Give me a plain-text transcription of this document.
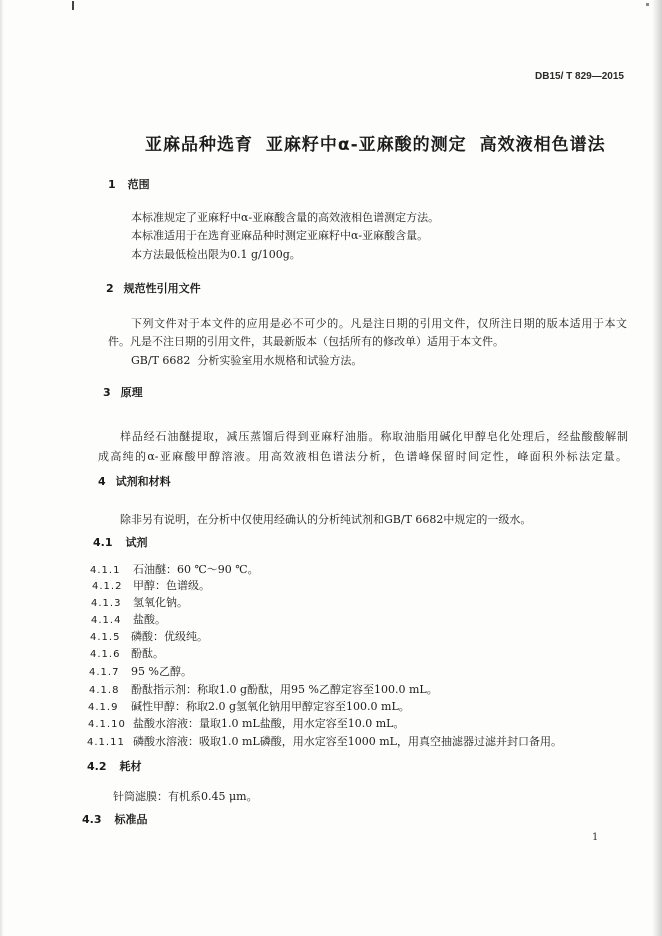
DB15/ T 829—2015
亚麻品种选育 亚麻籽中α-亚麻酸的测定 高效液相色谱法
1 范围
本标准规定了亚麻籽中α-亚麻酸含量的高效液相色谱测定方法。
本标准适用于在选育亚麻品种时测定亚麻籽中α-亚麻酸含量。
本方法最低检出限为0.1 g/100g。
2 规范性引用文件
下列文件对于本文件的应用是必不可少的。凡是注日期的引用文件，仅所注日期的版本适用于本文
件。凡是不注日期的引用文件，其最新版本（包括所有的修改单）适用于本文件。
GB/T 6682  分析实验室用水规格和试验方法。
3 原理
样品经石油醚提取，减压蒸馏后得到亚麻籽油脂。称取油脂用碱化甲醇皂化处理后，经盐酸酸解制
成高纯的α-亚麻酸甲醇溶液。用高效液相色谱法分析，色谱峰保留时间定性，峰面积外标法定量。
4 试剂和材料
除非另有说明，在分析中仅使用经确认的分析纯试剂和GB/T 6682中规定的一级水。
4.1 试剂
4.1.1	石油醚：60 ℃～90 ℃。
4.1.2 甲醇：色谱级。
4.1.3	氢氧化钠。
4.1.4	盐酸。
4.1.5 磷酸：优级纯。
4.1.6 酚酞。
4.1.7	95 %乙醇。
4.1.8	酚酞指示剂：称取1.0 g酚酞，用95 %乙醇定容至100.0 mL。
4.1.9	碱性甲醇：称取2.0 g氢氧化钠用甲醇定容至100.0 mL。
4.1.10 盐酸水溶液：量取1.0 mL盐酸，用水定容至10.0 mL。
4.1.11 磷酸水溶液：吸取1.0 mL磷酸，用水定容至1000 mL，用真空抽滤器过滤并封口备用。
4.2 耗材
针筒滤膜：有机系0.45 μm。
4.3 标准品
1
